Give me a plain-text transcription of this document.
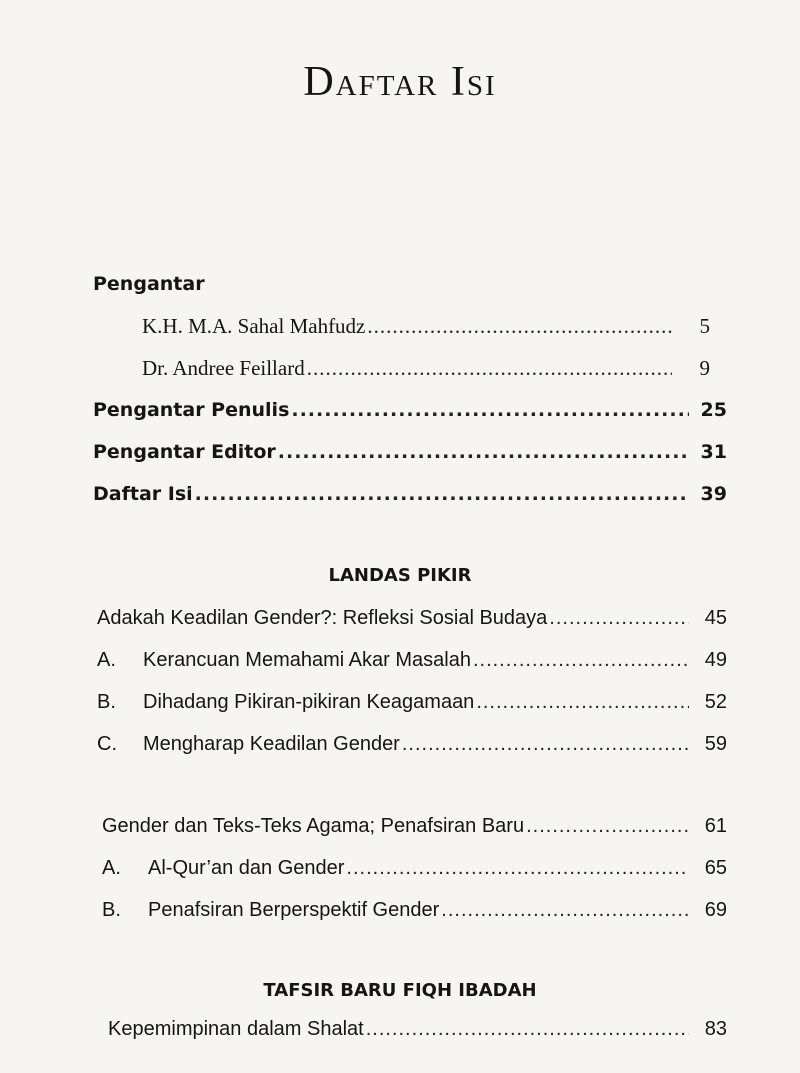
Daftar Isi
Pengantar
K.H. M.A. Sahal Mahfudz .....	5
Dr. Andree Feillard .....	9
Pengantar Penulis .....	25
Pengantar Editor .....	31
Daftar Isi .....	39
LANDAS PIKIR
Adakah Keadilan Gender?: Refleksi Sosial Budaya .....	45
A. Kerancuan Memahami Akar Masalah .....	49
B. Dihadang Pikiran-pikiran Keagamaan .....	52
C. Mengharap Keadilan Gender .....	59
Gender dan Teks-Teks Agama; Penafsiran Baru .....	61
A. Al-Qur’an dan Gender .....	65
B. Penafsiran Berperspektif Gender .....	69
TAFSIR BARU FIQH IBADAH
Kepemimpinan dalam Shalat .....	83
